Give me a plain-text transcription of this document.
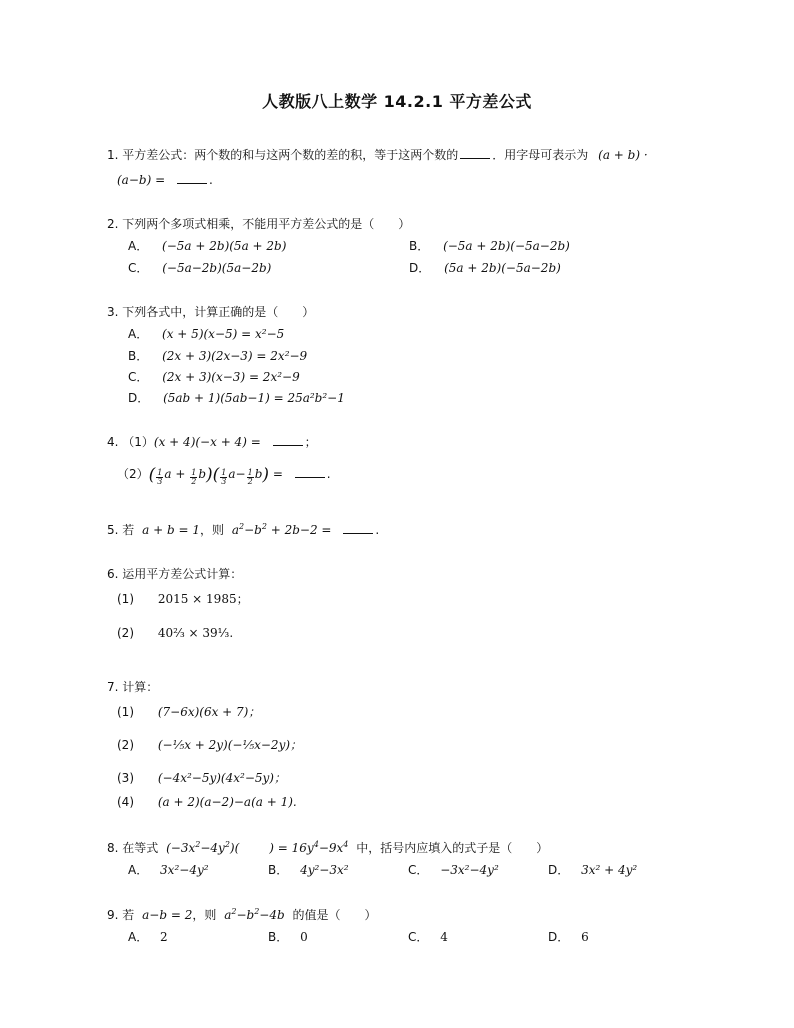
人教版八上数学 14.2.1 平方差公式
1. 平方差公式：两个数的和与这两个数的差的积，等于这两个数的	．用字母可表示为 (a + b) ·
(a−b) =	.
2. 下列两个多项式相乘，不能用平方差公式的是（　　）
A． (−5a + 2b)(5a + 2b)	B． (−5a + 2b)(−5a−2b)
C． (−5a−2b)(5a−2b)	D． (5a + 2b)(−5a−2b)
3. 下列各式中，计算正确的是（　　）
A． (x + 5)(x−5) = x²−5
B． (2x + 3)(2x−3) = 2x²−9
C． (2x + 3)(x−3) = 2x²−9
D． (5ab + 1)(5ab−1) = 25a²b²−1
4. （1）(x + 4)(−x + 4) =	；
$(2)( \frac{1}{3}$ $a + \frac{1}{2} b)( \frac{1}{3} a- \frac{1}{2} b)$ =	.
5. 若 a + b = 1，则 $a^2-b^2 + 2b-2$ =	.
6. 运用平方差公式计算：
(1) 2015 × 1985；
(2) 40⅔ × 39⅓.
7. 计算：
(1) (7−6x)(6x + 7)；
(2) (−⅕x + 2y)(−⅕x−2y)；
(3) (−4x²−5y)(4x²−5y)；
(4) (a + 2)(a−2)−a(a + 1).
8. 在等式 $(-3x^2-4y^2)$(	) = $16y^4-9x^4$ 中，括号内应填入的式子是（　　）
A． 3x²−4y²	B． 4y²−3x²	C． −3x²−4y²	D． 3x² + 4y²
9. 若 a−b = 2，则 $a^2-b^2-4b$ 的值是（　　）
A． 2	B． 0	C． 4	D． 6
